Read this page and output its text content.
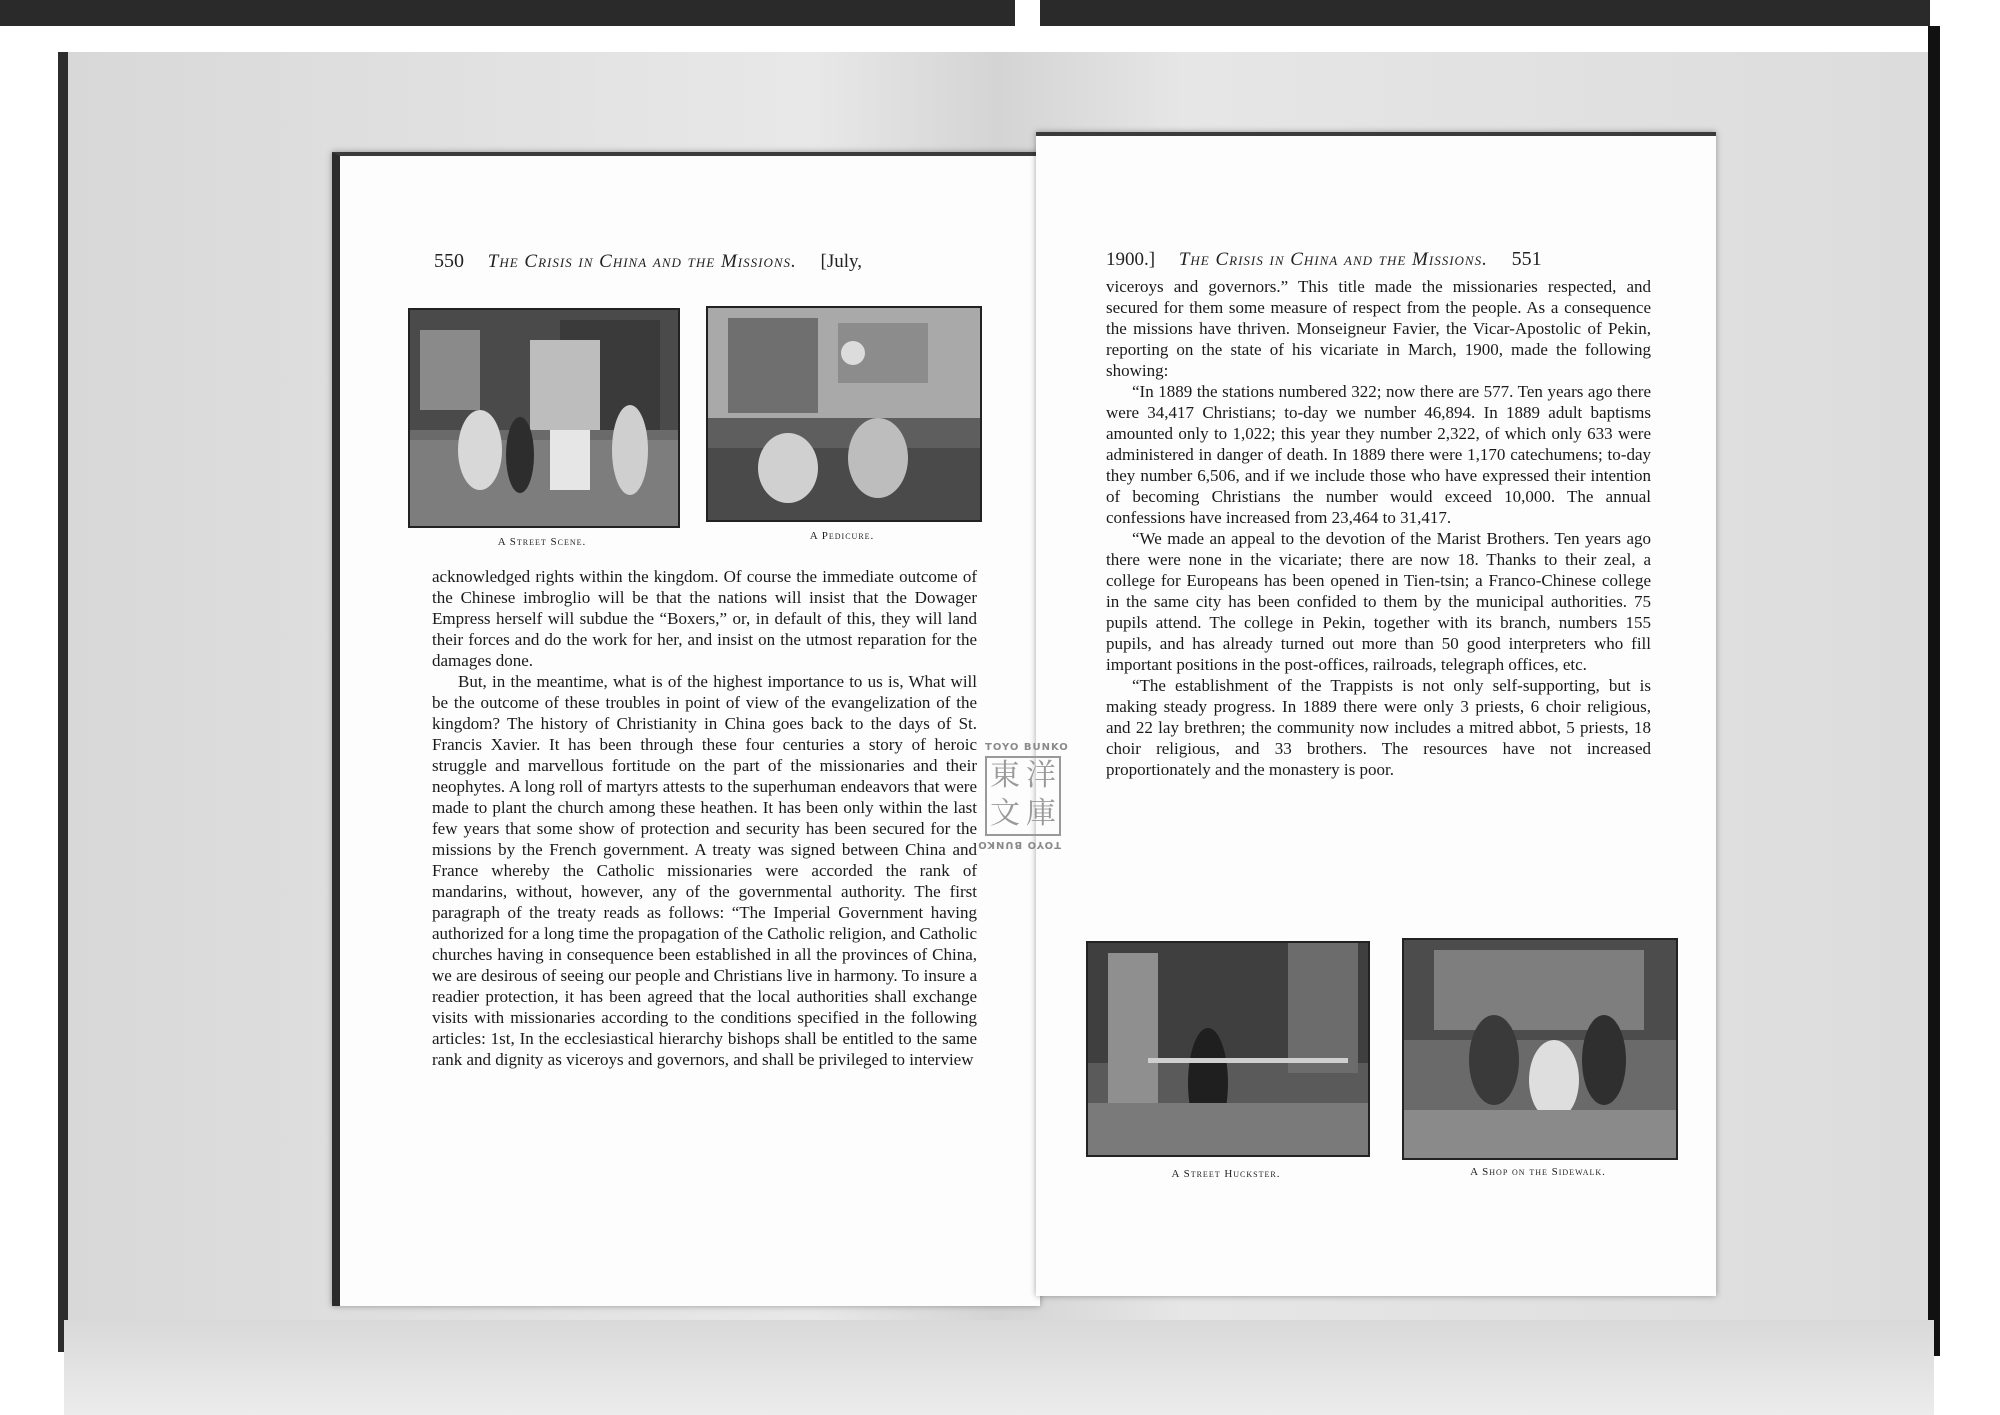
550 The Crisis in China and the Missions. [July,
A Street Scene.	A Pedicure.

acknowledged rights within the kingdom. Of course the immediate outcome of the Chinese imbroglio will be that the nations will insist that the Dowager Empress herself will subdue the “Boxers,” or, in default of this, they will land their forces and do the work for her, and insist on the utmost reparation for the damages done.

But, in the meantime, what is of the highest importance to us is, What will be the outcome of these troubles in point of view of the evangelization of the kingdom? The history of Christianity in China goes back to the days of St. Francis Xavier. It has been through these four centuries a story of heroic struggle and marvellous fortitude on the part of the missionaries and their neophytes. A long roll of martyrs attests to the superhuman endeavors that were made to plant the church among these heathen. It has been only within the last few years that some show of protection and security has been secured for the missions by the French government. A treaty was signed between China and France whereby the Catholic missionaries were accorded the rank of mandarins, without, however, any of the governmental authority. The first paragraph of the treaty reads as follows: “The Imperial Government having authorized for a long time the propagation of the Catholic religion, and Catholic churches having in consequence been established in all the provinces of China, we are desirous of seeing our people and Christians live in harmony. To insure a readier protection, it has been agreed that the local authorities shall exchange visits with missionaries according to the conditions specified in the following articles: 1st, In the ecclesiastical hierarchy bishops shall be entitled to the same rank and dignity as viceroys and governors, and shall be privileged to interview

1900.] The Crisis in China and the Missions. 551

viceroys and governors.” This title made the missionaries respected, and secured for them some measure of respect from the people. As a consequence the missions have thriven. Monseigneur Favier, the Vicar-Apostolic of Pekin, reporting on the state of his vicariate in March, 1900, made the following showing:

“In 1889 the stations numbered 322; now there are 577. Ten years ago there were 34,417 Christians; to-day we number 46,894. In 1889 adult baptisms amounted only to 1,022; this year they number 2,322, of which only 633 were administered in danger of death. In 1889 there were 1,170 catechumens; to-day they number 6,506, and if we include those who have expressed their intention of becoming Christians the number would exceed 10,000. The annual confessions have increased from 23,464 to 31,417.

“We made an appeal to the devotion of the Marist Brothers. Ten years ago there were none in the vicariate; there are now 18. Thanks to their zeal, a college for Europeans has been opened in Tien-tsin; a Franco-Chinese college in the same city has been confided to them by the municipal authorities. 75 pupils attend. The college in Pekin, together with its branch, numbers 155 pupils, and has already turned out more than 50 good interpreters who fill important positions in the post-offices, railroads, telegraph offices, etc.

“The establishment of the Trappists is not only self-supporting, but is making steady progress. In 1889 there were only 3 priests, 6 choir religious, and 22 lay brethren; the community now includes a mitred abbot, 5 priests, 18 choir religious, and 33 brothers. The resources have not increased proportionately and the monastery is poor.

A Street Huckster.	A Shop on the Sidewalk.
TOYO BUNKO
東 洋
文 庫
TOYO BUNKO
